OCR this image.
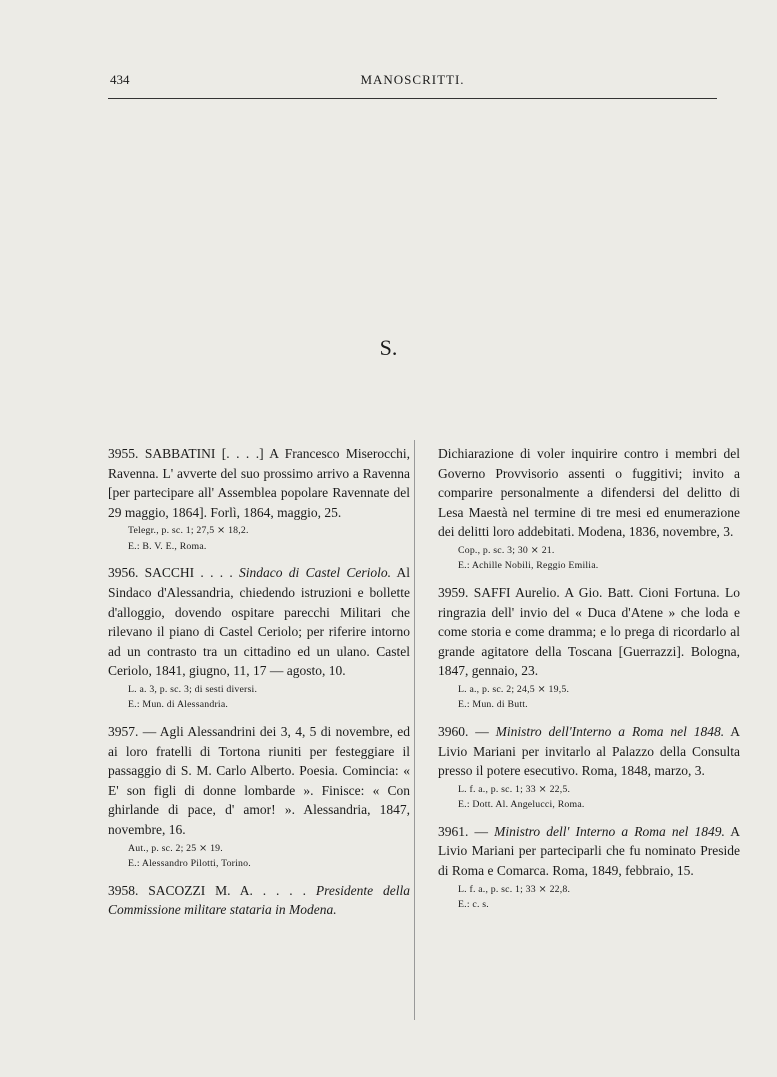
434	MANOSCRITTI.
S.

3955. SABBATINI [. . . .] A Francesco Miserocchi, Ravenna. L' avverte del suo prossimo arrivo a Ravenna [per partecipare all' Assemblea popolare Ravennate del 29 maggio, 1864]. Forlì, 1864, maggio, 25.

Telegr., p. sc. 1; 27,5 ⨯ 18,2.
E.: B. V. E., Roma.

3956. SACCHI . . . . Sindaco di Castel Ceriolo. Al Sindaco d'Alessandria, chiedendo istruzioni e bollette d'alloggio, dovendo ospitare parecchi Militari che rilevano il piano di Castel Ceriolo; per riferire intorno ad un contrasto tra un cittadino ed un ulano. Castel Ceriolo, 1841, giugno, 11, 17 — agosto, 10.

L. a. 3, p. sc. 3; di sesti diversi.
E.: Mun. di Alessandria.

3957. — Agli Alessandrini dei 3, 4, 5 di novembre, ed ai loro fratelli di Tortona riuniti per festeggiare il passaggio di S. M. Carlo Alberto. Poesia. Comincia: « E' son figli di donne lombarde ». Finisce: « Con ghirlande di pace, d' amor! ». Alessandria, 1847, novembre, 16.

Aut., p. sc. 2; 25 ⨯ 19.
E.: Alessandro Pilotti, Torino.

3958. SACOZZI M. A. . . . . Presidente della Commissione militare stataria in Modena.

Dichiarazione di voler inquirire contro i membri del Governo Provvisorio assenti o fuggitivi; invito a comparire personalmente a difendersi del delitto di Lesa Maestà nel termine di tre mesi ed enumerazione dei delitti loro addebitati. Modena, 1836, novembre, 3.

Cop., p. sc. 3; 30 ⨯ 21.
E.: Achille Nobili, Reggio Emilia.

3959. SAFFI Aurelio. A Gio. Batt. Cioni Fortuna. Lo ringrazia dell' invio del « Duca d'Atene » che loda e come storia e come dramma; e lo prega di ricordarlo al grande agitatore della Toscana [Guerrazzi]. Bologna, 1847, gennaio, 23.

L. a., p. sc. 2; 24,5 ⨯ 19,5.
E.: Mun. di Butt.

3960. — Ministro dell'Interno a Roma nel 1848. A Livio Mariani per invitarlo al Palazzo della Consulta presso il potere esecutivo. Roma, 1848, marzo, 3.

L. f. a., p. sc. 1; 33 ⨯ 22,5.
E.: Dott. Al. Angelucci, Roma.

3961. — Ministro dell' Interno a Roma nel 1849. A Livio Mariani per parteciparli che fu nominato Preside di Roma e Comarca. Roma, 1849, febbraio, 15.

L. f. a., p. sc. 1; 33 ⨯ 22,8.
E.: c. s.
